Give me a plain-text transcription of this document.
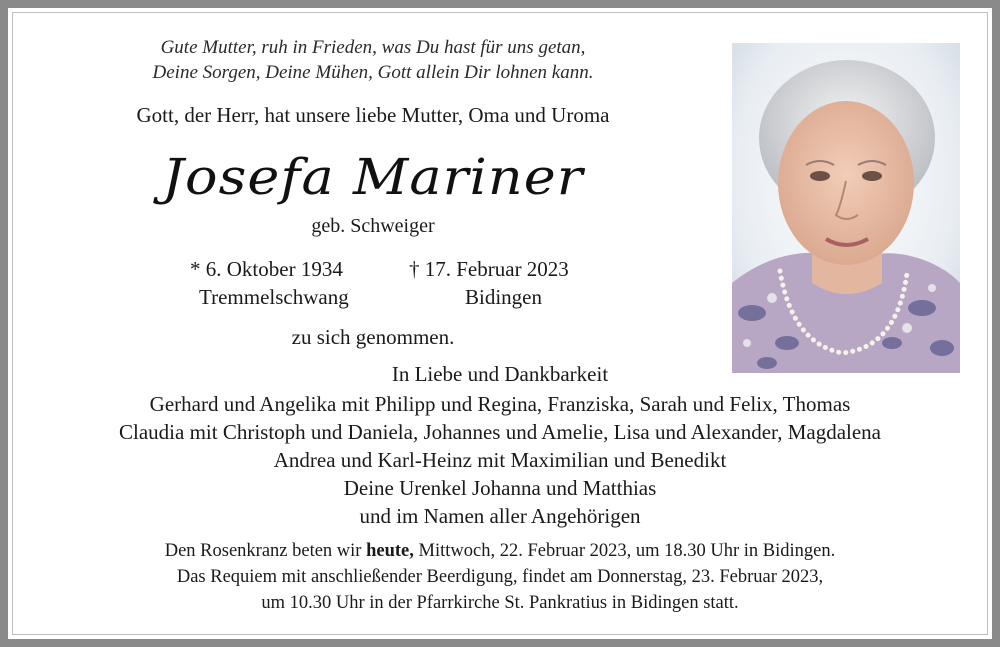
Gute Mutter, ruh in Frieden, was Du hast für uns getan,
Deine Sorgen, Deine Mühen, Gott allein Dir lohnen kann.
Gott, der Herr, hat unsere liebe Mutter, Oma und Uroma
Josefa Mariner
geb. Schweiger
* 6. Oktober 1934	† 17. Februar 2023
Tremmelschwang	Bidingen
zu sich genommen.
In Liebe und Dankbarkeit
Gerhard und Angelika mit Philipp und Regina, Franziska, Sarah und Felix, Thomas
Claudia mit Christoph und Daniela, Johannes und Amelie, Lisa und Alexander, Magdalena
Andrea und Karl-Heinz mit Maximilian und Benedikt
Deine Urenkel Johanna und Matthias
und im Namen aller Angehörigen
Den Rosenkranz beten wir heute, Mittwoch, 22. Februar 2023, um 18.30 Uhr in Bidingen.
Das Requiem mit anschließender Beerdigung, findet am Donnerstag, 23. Februar 2023,
um 10.30 Uhr in der Pfarrkirche St. Pankratius in Bidingen statt.
